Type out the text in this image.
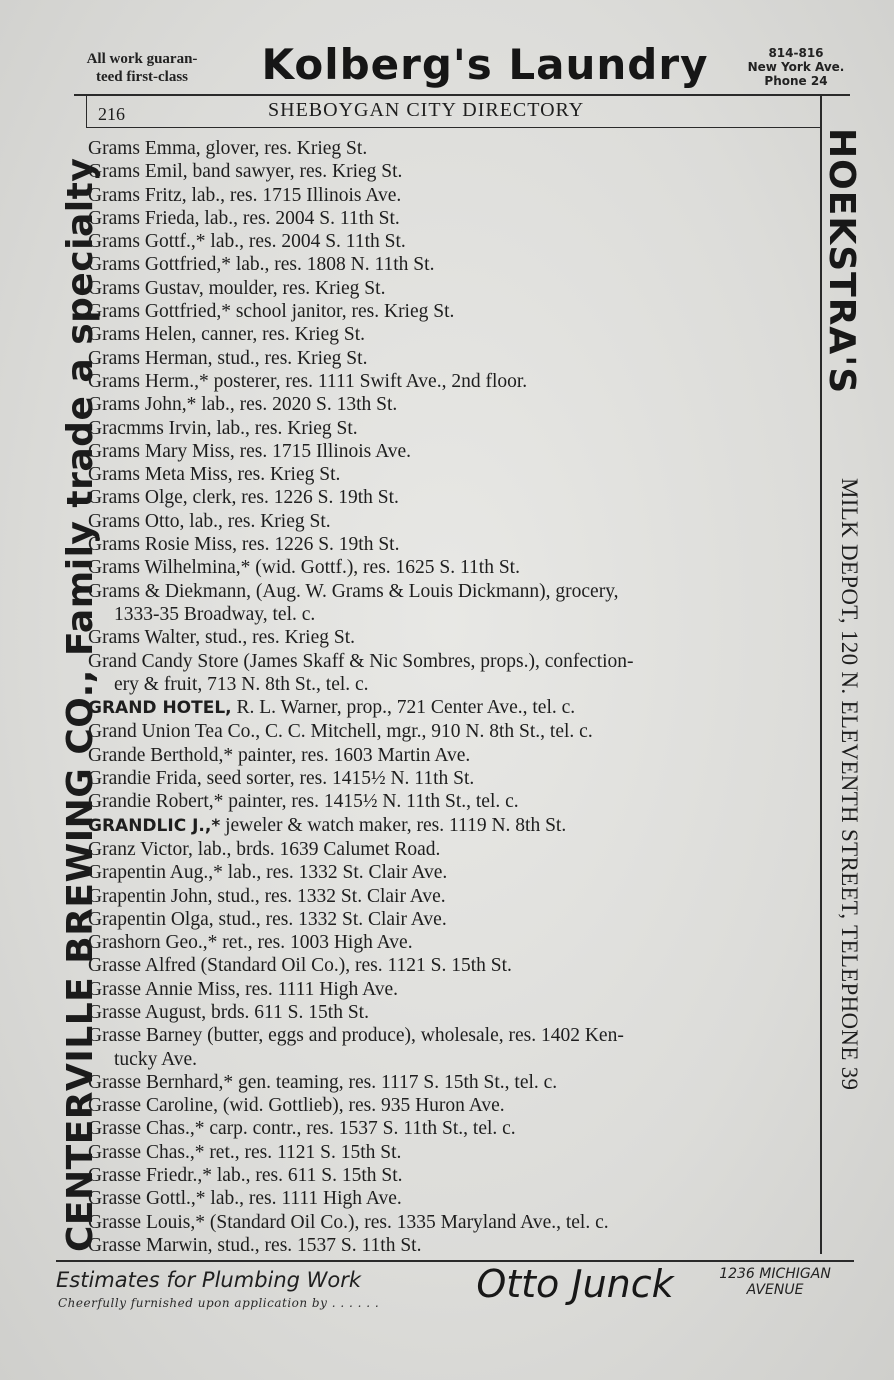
All work guaran-
teed first-class	Kolberg's Laundry	814-816
New York Ave.
Phone 24
216	SHEBOYGAN CITY DIRECTORY
CENTERVILLE BREWING CO., Family trade a specialty	HOEKSTRA'S
MILK DEPOT, 120 N. ELEVENTH STREET, TELEPHONE 39
Grams Emma, glover, res. Krieg St.
Grams Emil, band sawyer, res. Krieg St.
Grams Fritz, lab., res. 1715 Illinois Ave.
Grams Frieda, lab., res. 2004 S. 11th St.
Grams Gottf.,* lab., res. 2004 S. 11th St.
Grams Gottfried,* lab., res. 1808 N. 11th St.
Grams Gustav, moulder, res. Krieg St.
Grams Gottfried,* school janitor, res. Krieg St.
Grams Helen, canner, res. Krieg St.
Grams Herman, stud., res. Krieg St.
Grams Herm.,* posterer, res. 1111 Swift Ave., 2nd floor.
Grams John,* lab., res. 2020 S. 13th St.
Gracmms Irvin, lab., res. Krieg St.
Grams Mary Miss, res. 1715 Illinois Ave.
Grams Meta Miss, res. Krieg St.
Grams Olge, clerk, res. 1226 S. 19th St.
Grams Otto, lab., res. Krieg St.
Grams Rosie Miss, res. 1226 S. 19th St.
Grams Wilhelmina,* (wid. Gottf.), res. 1625 S. 11th St.
Grams & Diekmann, (Aug. W. Grams & Louis Dickmann), grocery,
1333-35 Broadway, tel. c.
Grams Walter, stud., res. Krieg St.
Grand Candy Store (James Skaff & Nic Sombres, props.), confection-
ery & fruit, 713 N. 8th St., tel. c.
GRAND HOTEL, R. L. Warner, prop., 721 Center Ave., tel. c.
Grand Union Tea Co., C. C. Mitchell, mgr., 910 N. 8th St., tel. c.
Grande Berthold,* painter, res. 1603 Martin Ave.
Grandie Frida, seed sorter, res. 1415½ N. 11th St.
Grandie Robert,* painter, res. 1415½ N. 11th St., tel. c.
GRANDLIC J.,* jeweler & watch maker, res. 1119 N. 8th St.
Granz Victor, lab., brds. 1639 Calumet Road.
Grapentin Aug.,* lab., res. 1332 St. Clair Ave.
Grapentin John, stud., res. 1332 St. Clair Ave.
Grapentin Olga, stud., res. 1332 St. Clair Ave.
Grashorn Geo.,* ret., res. 1003 High Ave.
Grasse Alfred (Standard Oil Co.), res. 1121 S. 15th St.
Grasse Annie Miss, res. 1111 High Ave.
Grasse August, brds. 611 S. 15th St.
Grasse Barney (butter, eggs and produce), wholesale, res. 1402 Ken-
tucky Ave.
Grasse Bernhard,* gen. teaming, res. 1117 S. 15th St., tel. c.
Grasse Caroline, (wid. Gottlieb), res. 935 Huron Ave.
Grasse Chas.,* carp. contr., res. 1537 S. 11th St., tel. c.
Grasse Chas.,* ret., res. 1121 S. 15th St.
Grasse Friedr.,* lab., res. 611 S. 15th St.
Grasse Gottl.,* lab., res. 1111 High Ave.
Grasse Louis,* (Standard Oil Co.), res. 1335 Maryland Ave., tel. c.
Grasse Marwin, stud., res. 1537 S. 11th St.
Estimates for Plumbing Work
Cheerfully furnished upon application by . . . . . .	Otto Junck	1236 MICHIGAN
AVENUE
